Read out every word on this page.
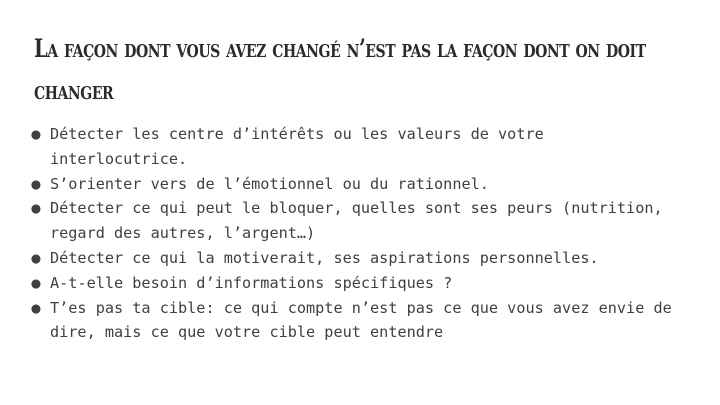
La façon dont vous avez changé n’est pas la façon dont on doit changer
● Détecter les centre d’intérêts ou les valeurs de votre interlocutrice.
● S’orienter vers de l’émotionnel ou du rationnel.
● Détecter ce qui peut le bloquer, quelles sont ses peurs (nutrition, regard des autres, l’argent…)
● Détecter ce qui la motiverait, ses aspirations personnelles.
● A-t-elle besoin d’informations spécifiques ?
● T’es pas ta cible: ce qui compte n’est pas ce que vous avez envie de dire, mais ce que votre cible peut entendre
